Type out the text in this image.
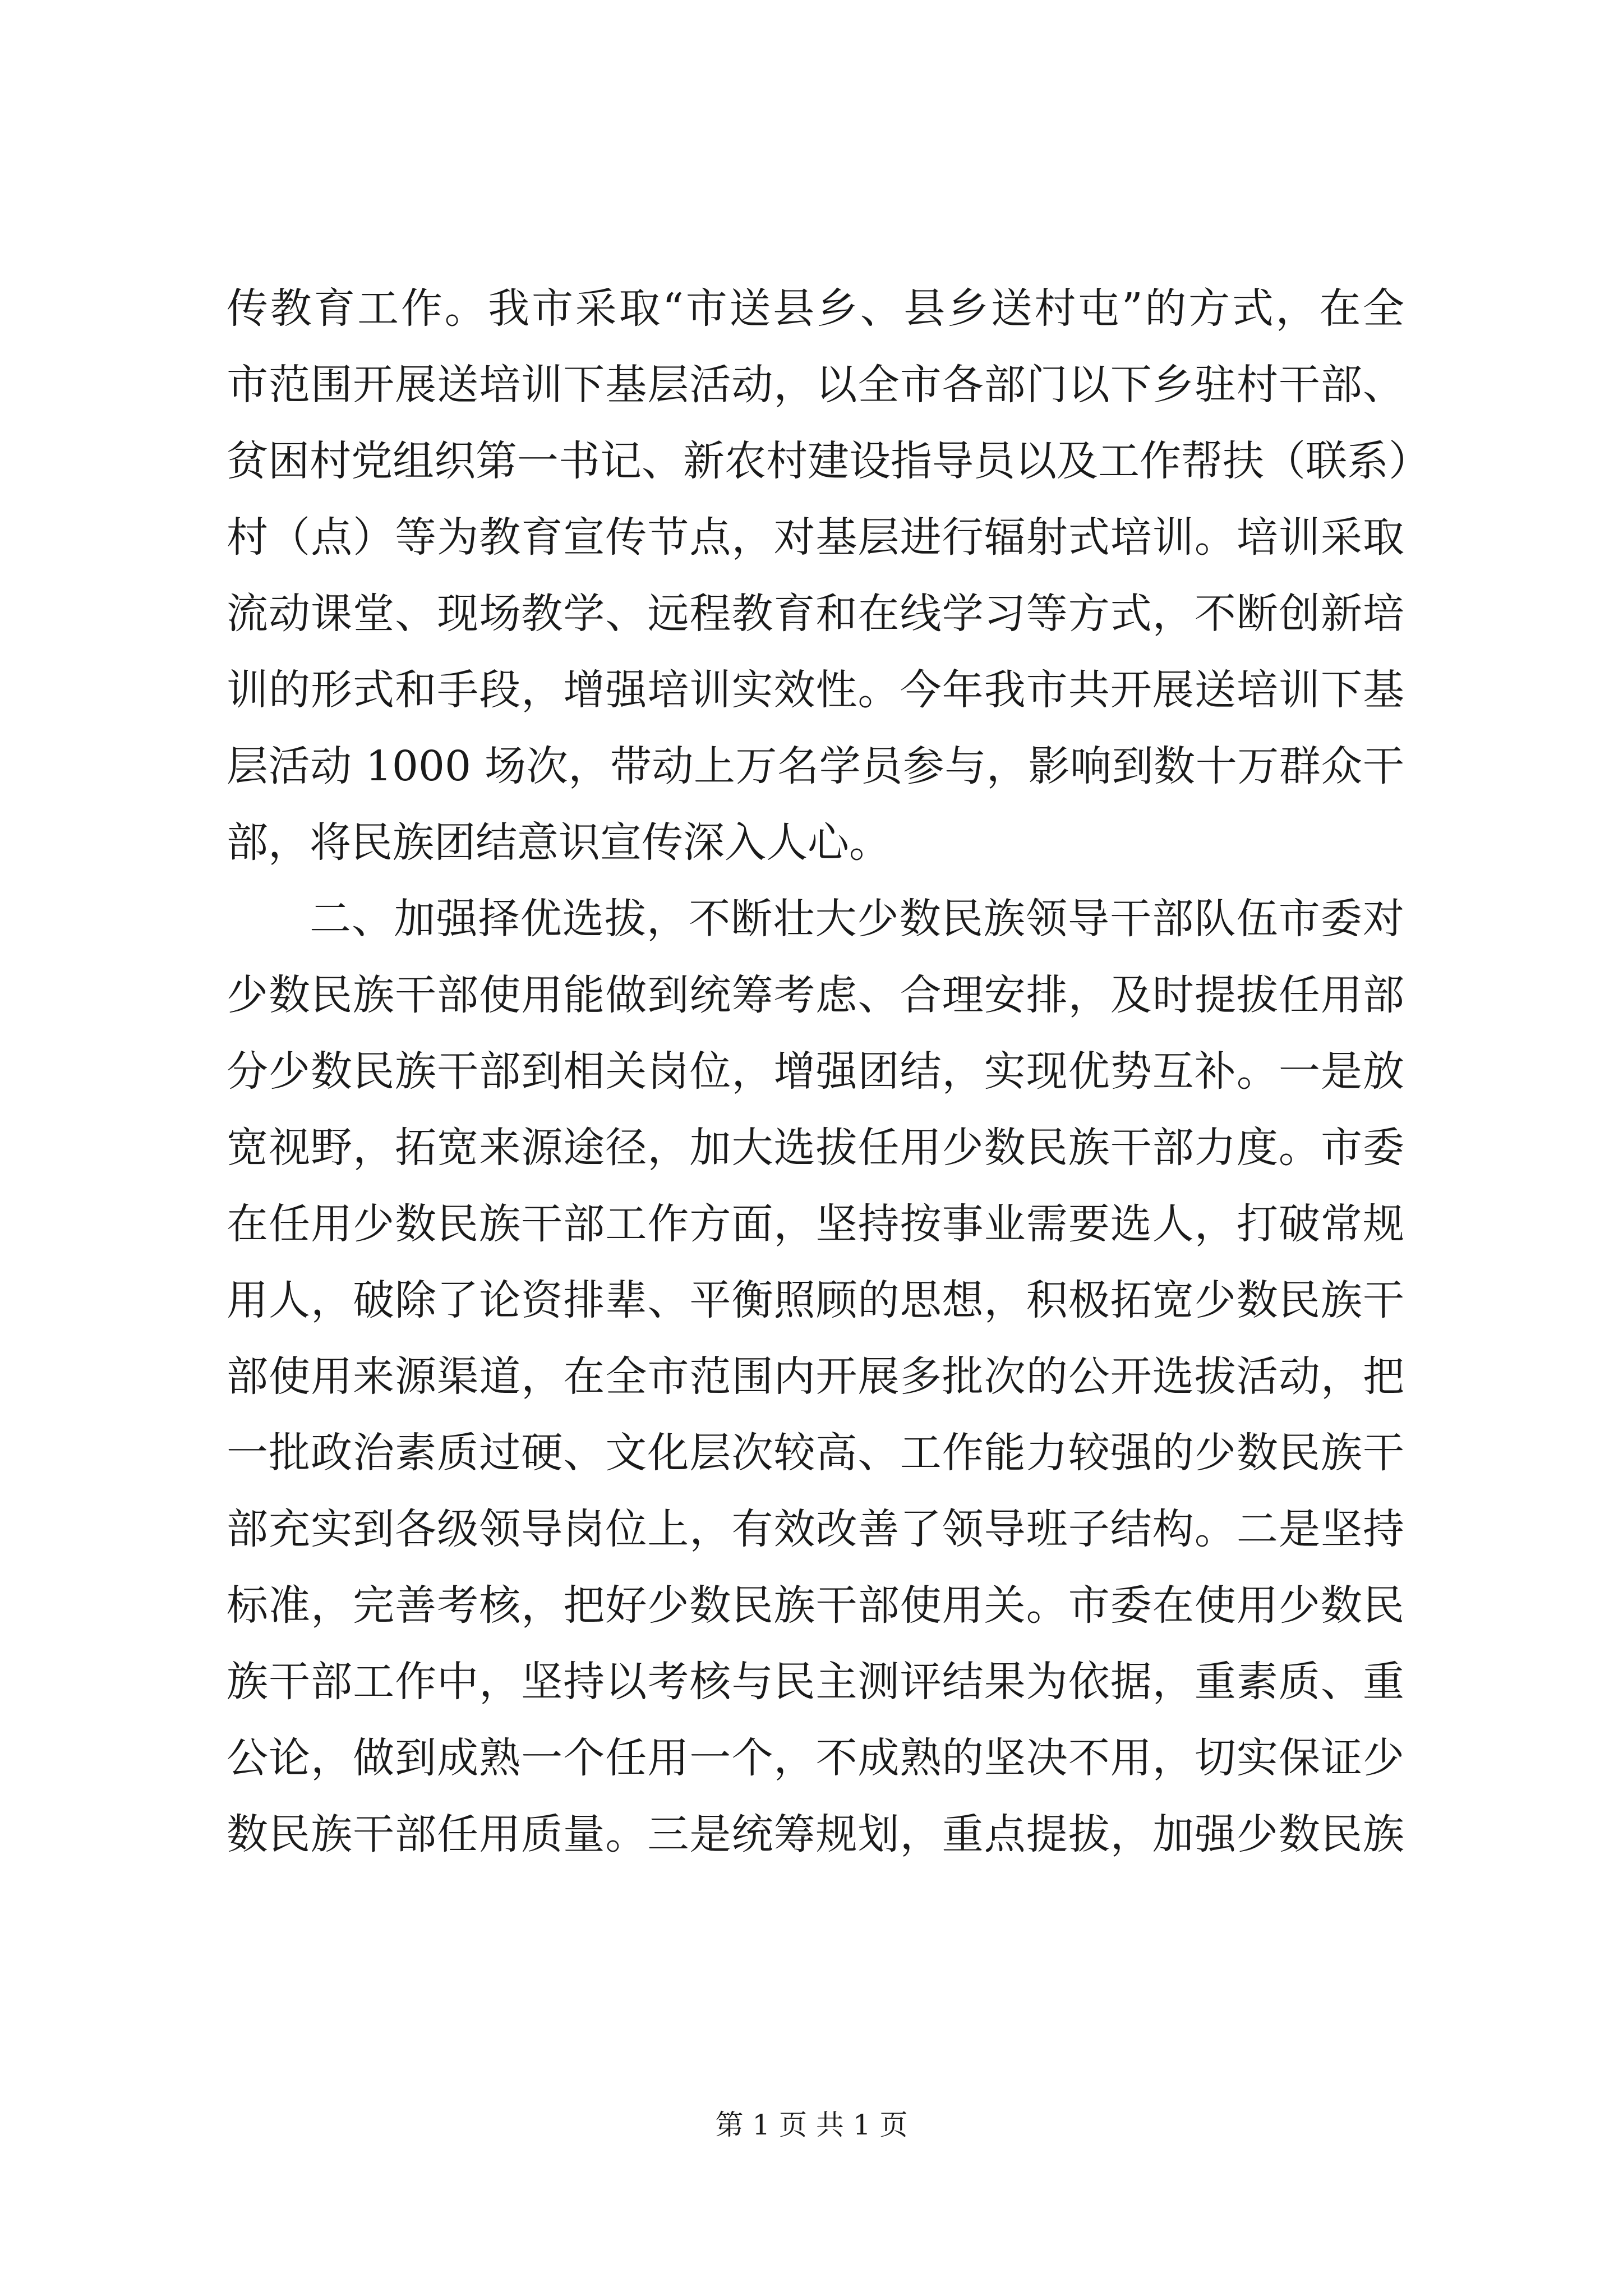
传教育工作。我市采取“市送县乡、县乡送村屯”的方式，在全
市范围开展送培训下基层活动，以全市各部门以下乡驻村干部、
贫困村党组织第一书记、新农村建设指导员以及工作帮扶（联系）
村（点）等为教育宣传节点，对基层进行辐射式培训。培训采取
流动课堂、现场教学、远程教育和在线学习等方式，不断创新培
训的形式和手段，增强培训实效性。今年我市共开展送培训下基
层活动 1000 场次，带动上万名学员参与，影响到数十万群众干
部，将民族团结意识宣传深入人心。
二、加强择优选拔，不断壮大少数民族领导干部队伍市委对
少数民族干部使用能做到统筹考虑、合理安排，及时提拔任用部
分少数民族干部到相关岗位，增强团结，实现优势互补。一是放
宽视野，拓宽来源途径，加大选拔任用少数民族干部力度。市委
在任用少数民族干部工作方面，坚持按事业需要选人，打破常规
用人，破除了论资排辈、平衡照顾的思想，积极拓宽少数民族干
部使用来源渠道，在全市范围内开展多批次的公开选拔活动，把
一批政治素质过硬、文化层次较高、工作能力较强的少数民族干
部充实到各级领导岗位上，有效改善了领导班子结构。二是坚持
标准，完善考核，把好少数民族干部使用关。市委在使用少数民
族干部工作中，坚持以考核与民主测评结果为依据，重素质、重
公论，做到成熟一个任用一个，不成熟的坚决不用，切实保证少
数民族干部任用质量。三是统筹规划，重点提拔，加强少数民族
第 1 页 共 1 页
